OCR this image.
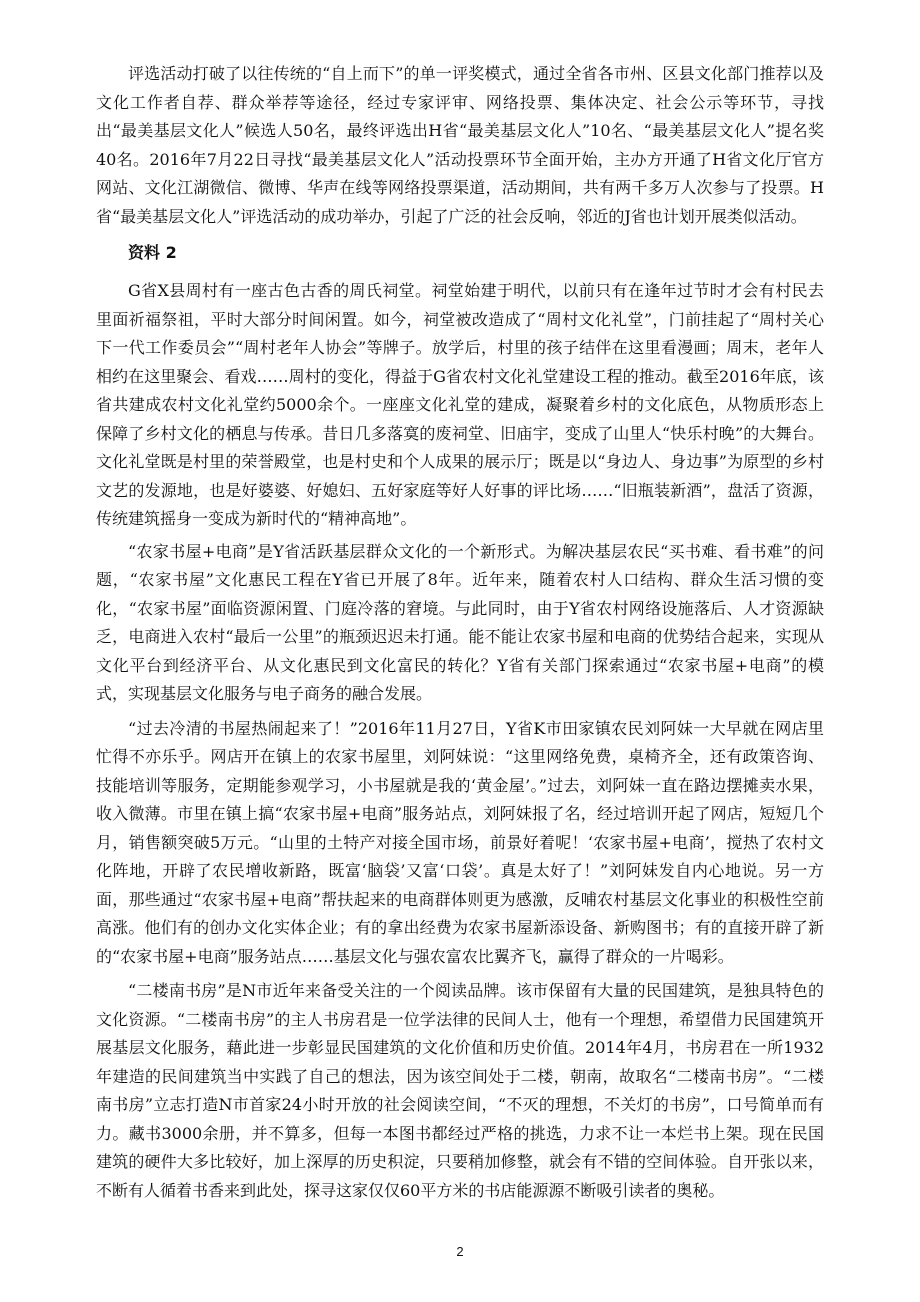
评选活动打破了以往传统的“自上而下”的单一评奖模式，通过全省各市州、区县文化部门推荐以及文化工作者自荐、群众举荐等途径，经过专家评审、网络投票、集体决定、社会公示等环节，寻找出“最美基层文化人”候选人50名，最终评选出H省“最美基层文化人”10名、“最美基层文化人”提名奖40名。2016年7月22日寻找“最美基层文化人”活动投票环节全面开始，主办方开通了H省文化厅官方网站、文化江湖微信、微博、华声在线等网络投票渠道，活动期间，共有两千多万人次参与了投票。H省“最美基层文化人”评选活动的成功举办，引起了广泛的社会反响，邻近的J省也计划开展类似活动。

资料 2

G省X县周村有一座古色古香的周氏祠堂。祠堂始建于明代，以前只有在逢年过节时才会有村民去里面祈福祭祖，平时大部分时间闲置。如今，祠堂被改造成了“周村文化礼堂”，门前挂起了“周村关心下一代工作委员会”“周村老年人协会”等牌子。放学后，村里的孩子结伴在这里看漫画；周末，老年人相约在这里聚会、看戏……周村的变化，得益于G省农村文化礼堂建设工程的推动。截至2016年底，该省共建成农村文化礼堂约5000余个。一座座文化礼堂的建成，凝聚着乡村的文化底色，从物质形态上保障了乡村文化的栖息与传承。昔日几多落寞的废祠堂、旧庙宇，变成了山里人“快乐村晚”的大舞台。文化礼堂既是村里的荣誉殿堂，也是村史和个人成果的展示厅；既是以“身边人、身边事”为原型的乡村文艺的发源地，也是好婆婆、好媳妇、五好家庭等好人好事的评比场……“旧瓶装新酒”，盘活了资源，传统建筑摇身一变成为新时代的“精神高地”。

“农家书屋+电商”是Y省活跃基层群众文化的一个新形式。为解决基层农民“买书难、看书难”的问题，“农家书屋”文化惠民工程在Y省已开展了8年。近年来，随着农村人口结构、群众生活习惯的变化，“农家书屋”面临资源闲置、门庭冷落的窘境。与此同时，由于Y省农村网络设施落后、人才资源缺乏，电商进入农村“最后一公里”的瓶颈迟迟未打通。能不能让农家书屋和电商的优势结合起来，实现从文化平台到经济平台、从文化惠民到文化富民的转化？Y省有关部门探索通过“农家书屋+电商”的模式，实现基层文化服务与电子商务的融合发展。

“过去冷清的书屋热闹起来了！”2016年11月27日，Y省K市田家镇农民刘阿妹一大早就在网店里忙得不亦乐乎。网店开在镇上的农家书屋里，刘阿妹说：“这里网络免费，桌椅齐全，还有政策咨询、技能培训等服务，定期能参观学习，小书屋就是我的‘黄金屋’。”过去，刘阿妹一直在路边摆摊卖水果，收入微薄。市里在镇上搞“农家书屋+电商”服务站点，刘阿妹报了名，经过培训开起了网店，短短几个月，销售额突破5万元。“山里的土特产对接全国市场，前景好着呢！‘农家书屋+电商’，搅热了农村文化阵地，开辟了农民增收新路，既富‘脑袋’又富‘口袋’。真是太好了！”刘阿妹发自内心地说。另一方面，那些通过“农家书屋+电商”帮扶起来的电商群体则更为感激，反哺农村基层文化事业的积极性空前高涨。他们有的创办文化实体企业；有的拿出经费为农家书屋新添设备、新购图书；有的直接开辟了新的“农家书屋+电商”服务站点……基层文化与强农富农比翼齐飞，赢得了群众的一片喝彩。

“二楼南书房”是N市近年来备受关注的一个阅读品牌。该市保留有大量的民国建筑，是独具特色的文化资源。“二楼南书房”的主人书房君是一位学法律的民间人士，他有一个理想，希望借力民国建筑开展基层文化服务，藉此进一步彰显民国建筑的文化价值和历史价值。2014年4月，书房君在一所1932年建造的民间建筑当中实践了自己的想法，因为该空间处于二楼，朝南，故取名“二楼南书房”。“二楼南书房”立志打造N市首家24小时开放的社会阅读空间，“不灭的理想，不关灯的书房”，口号简单而有力。藏书3000余册，并不算多，但每一本图书都经过严格的挑选，力求不让一本烂书上架。现在民国建筑的硬件大多比较好，加上深厚的历史积淀，只要稍加修整，就会有不错的空间体验。自开张以来，不断有人循着书香来到此处，探寻这家仅仅60平方米的书店能源源不断吸引读者的奥秘。

2
